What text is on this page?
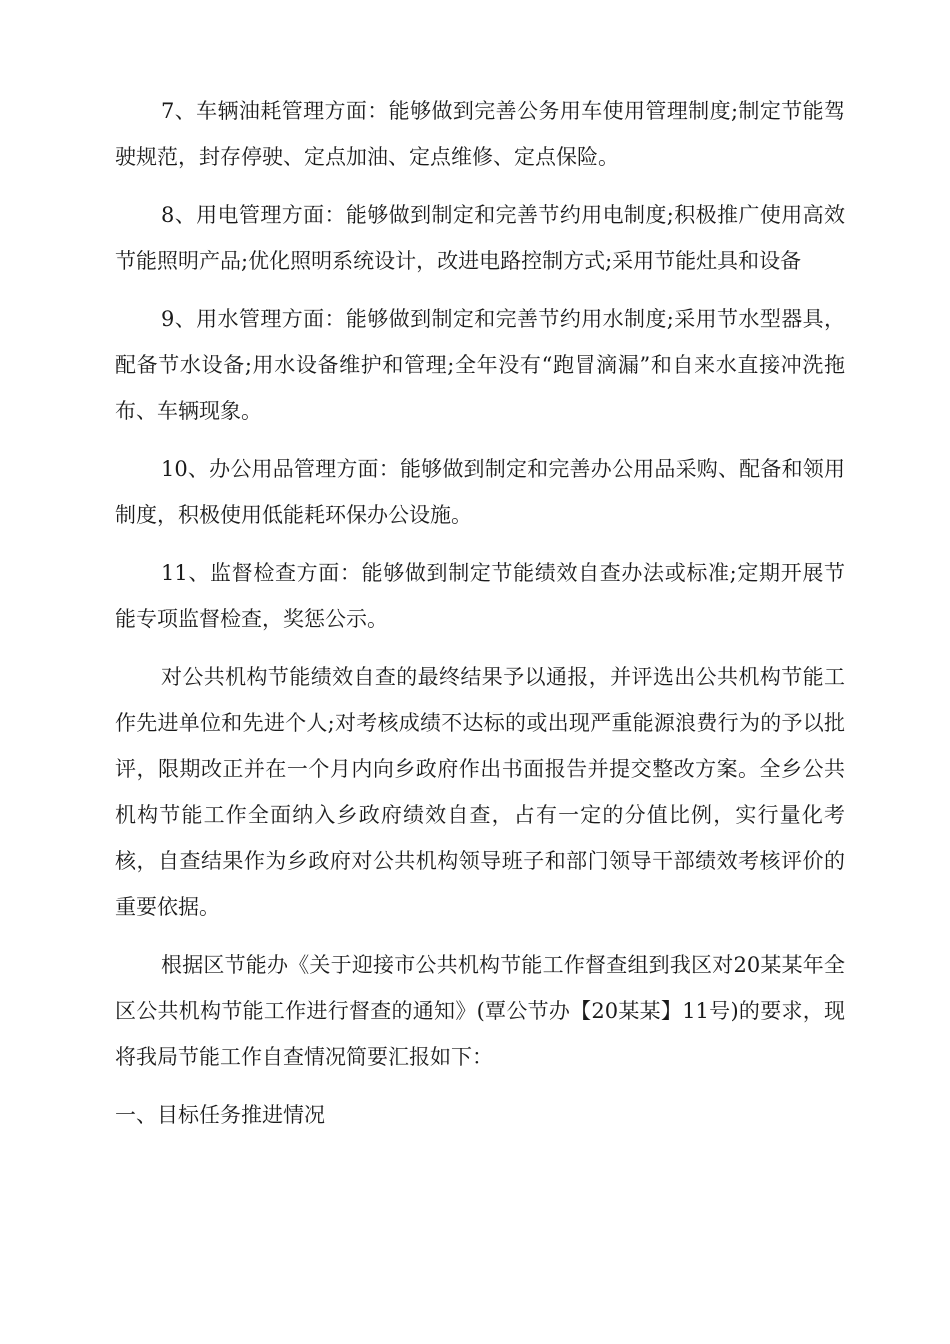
7、车辆油耗管理方面：能够做到完善公务用车使用管理制度;制定节能驾驶规范，封存停驶、定点加油、定点维修、定点保险。

8、用电管理方面：能够做到制定和完善节约用电制度;积极推广使用高效节能照明产品;优化照明系统设计，改进电路控制方式;采用节能灶具和设备

9、用水管理方面：能够做到制定和完善节约用水制度;采用节水型器具，配备节水设备;用水设备维护和管理;全年没有“跑冒滴漏”和自来水直接冲洗拖布、车辆现象。

10、办公用品管理方面：能够做到制定和完善办公用品采购、配备和领用制度，积极使用低能耗环保办公设施。

11、监督检查方面：能够做到制定节能绩效自查办法或标准;定期开展节能专项监督检查，奖惩公示。

对公共机构节能绩效自查的最终结果予以通报，并评选出公共机构节能工作先进单位和先进个人;对考核成绩不达标的或出现严重能源浪费行为的予以批评，限期改正并在一个月内向乡政府作出书面报告并提交整改方案。全乡公共机构节能工作全面纳入乡政府绩效自查，占有一定的分值比例，实行量化考核，自查结果作为乡政府对公共机构领导班子和部门领导干部绩效考核评价的重要依据。

根据区节能办《关于迎接市公共机构节能工作督查组到我区对20某某年全区公共机构节能工作进行督查的通知》(覃公节办【20某某】11号)的要求，现将我局节能工作自查情况简要汇报如下：

一、目标任务推进情况
